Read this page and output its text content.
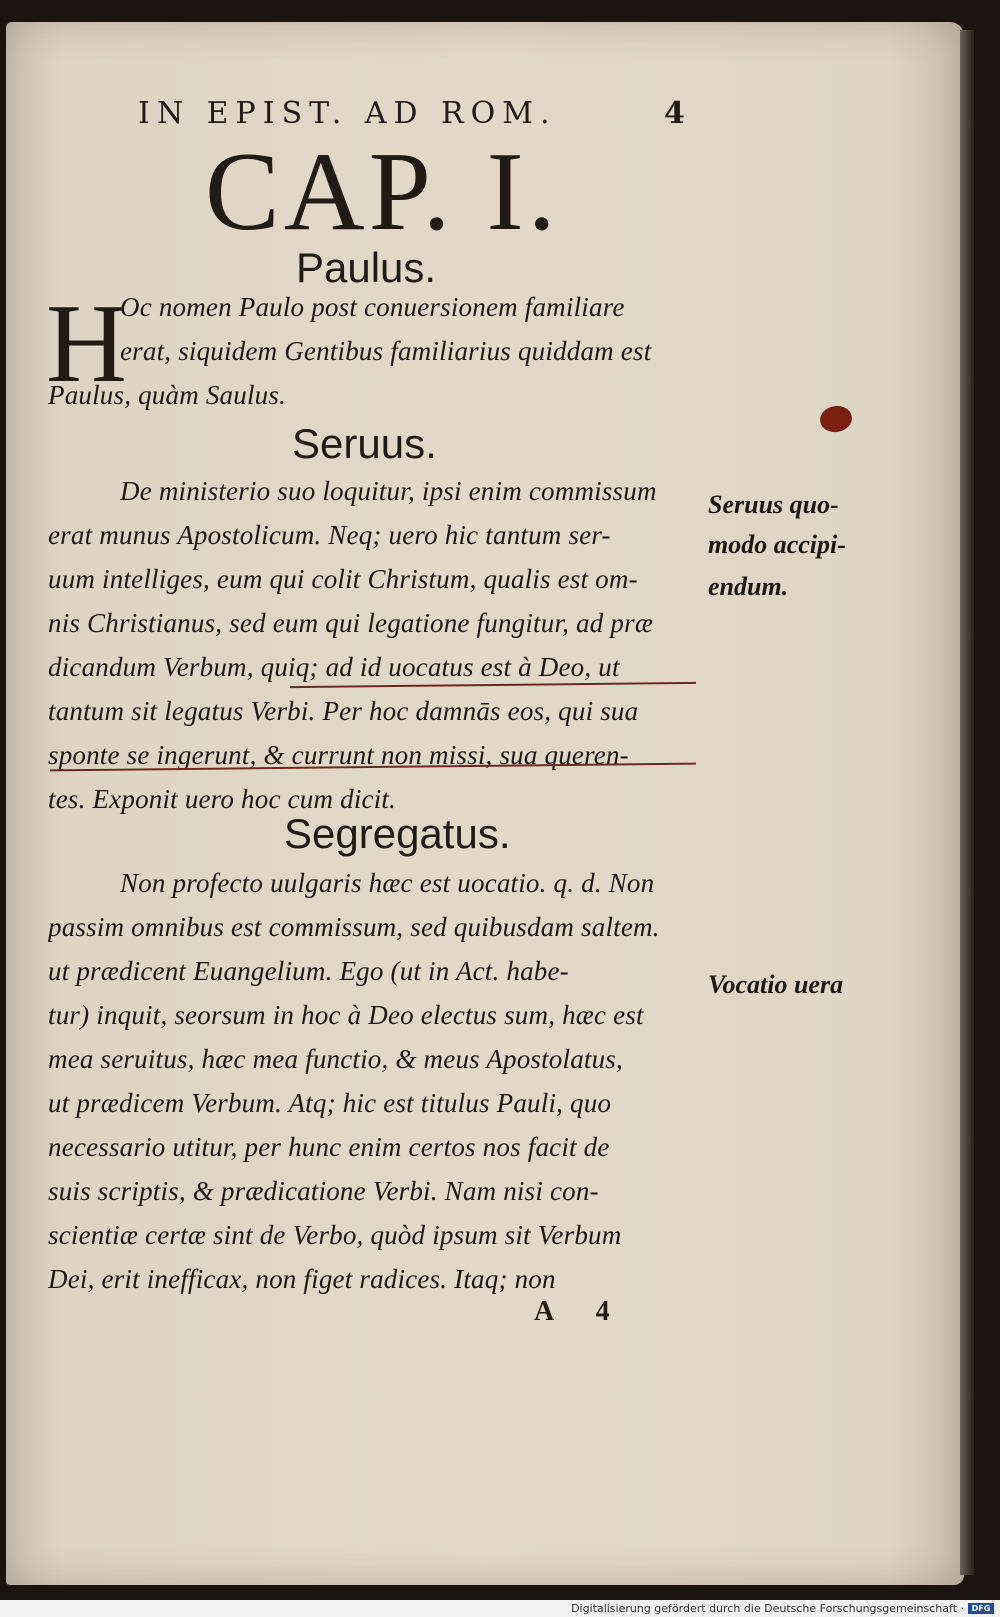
IN EPIST. AD ROM.	4
CAP. I.
Paulus.
H
Oc nomen Paulo post conuersionem familiare
erat, siquidem Gentibus familiarius quiddam est
Paulus, quàm Saulus.
Seruus.
De ministerio suo loquitur, ipsi enim commissum
erat munus Apostolicum. Neq; uero hic tantum ser-
uum intelliges, eum qui colit Christum, qualis est om-
nis Christianus, sed eum qui legatione fungitur, ad præ
dicandum Verbum, quiq; ad id uocatus est à Deo, ut
tantum sit legatus Verbi. Per hoc damnās eos, qui sua
sponte se ingerunt, & currunt non missi, sua queren-
tes. Exponit uero hoc cum dicit.
Seruus quo-
modo accipi-
endum.
Segregatus.
Non profecto uulgaris hæc est uocatio. q. d. Non
passim omnibus est commissum, sed quibusdam saltem.
ut prædicent Euangelium. Ego (ut in Act. habe-
tur) inquit, seorsum in hoc à Deo electus sum, hæc est
mea seruitus, hæc mea functio, & meus Apostolatus,
ut prædicem Verbum. Atq; hic est titulus Pauli, quo
necessario utitur, per hunc enim certos nos facit de
suis scriptis, & prædicatione Verbi. Nam nisi con-
scientiæ certæ sint de Verbo, quòd ipsum sit Verbum
Dei, erit inefficax, non figet radices. Itaq; non
Vocatio uera
A 4
Digitalisierung gefördert durch die Deutsche Forschungsgemeinschaft · DFG
